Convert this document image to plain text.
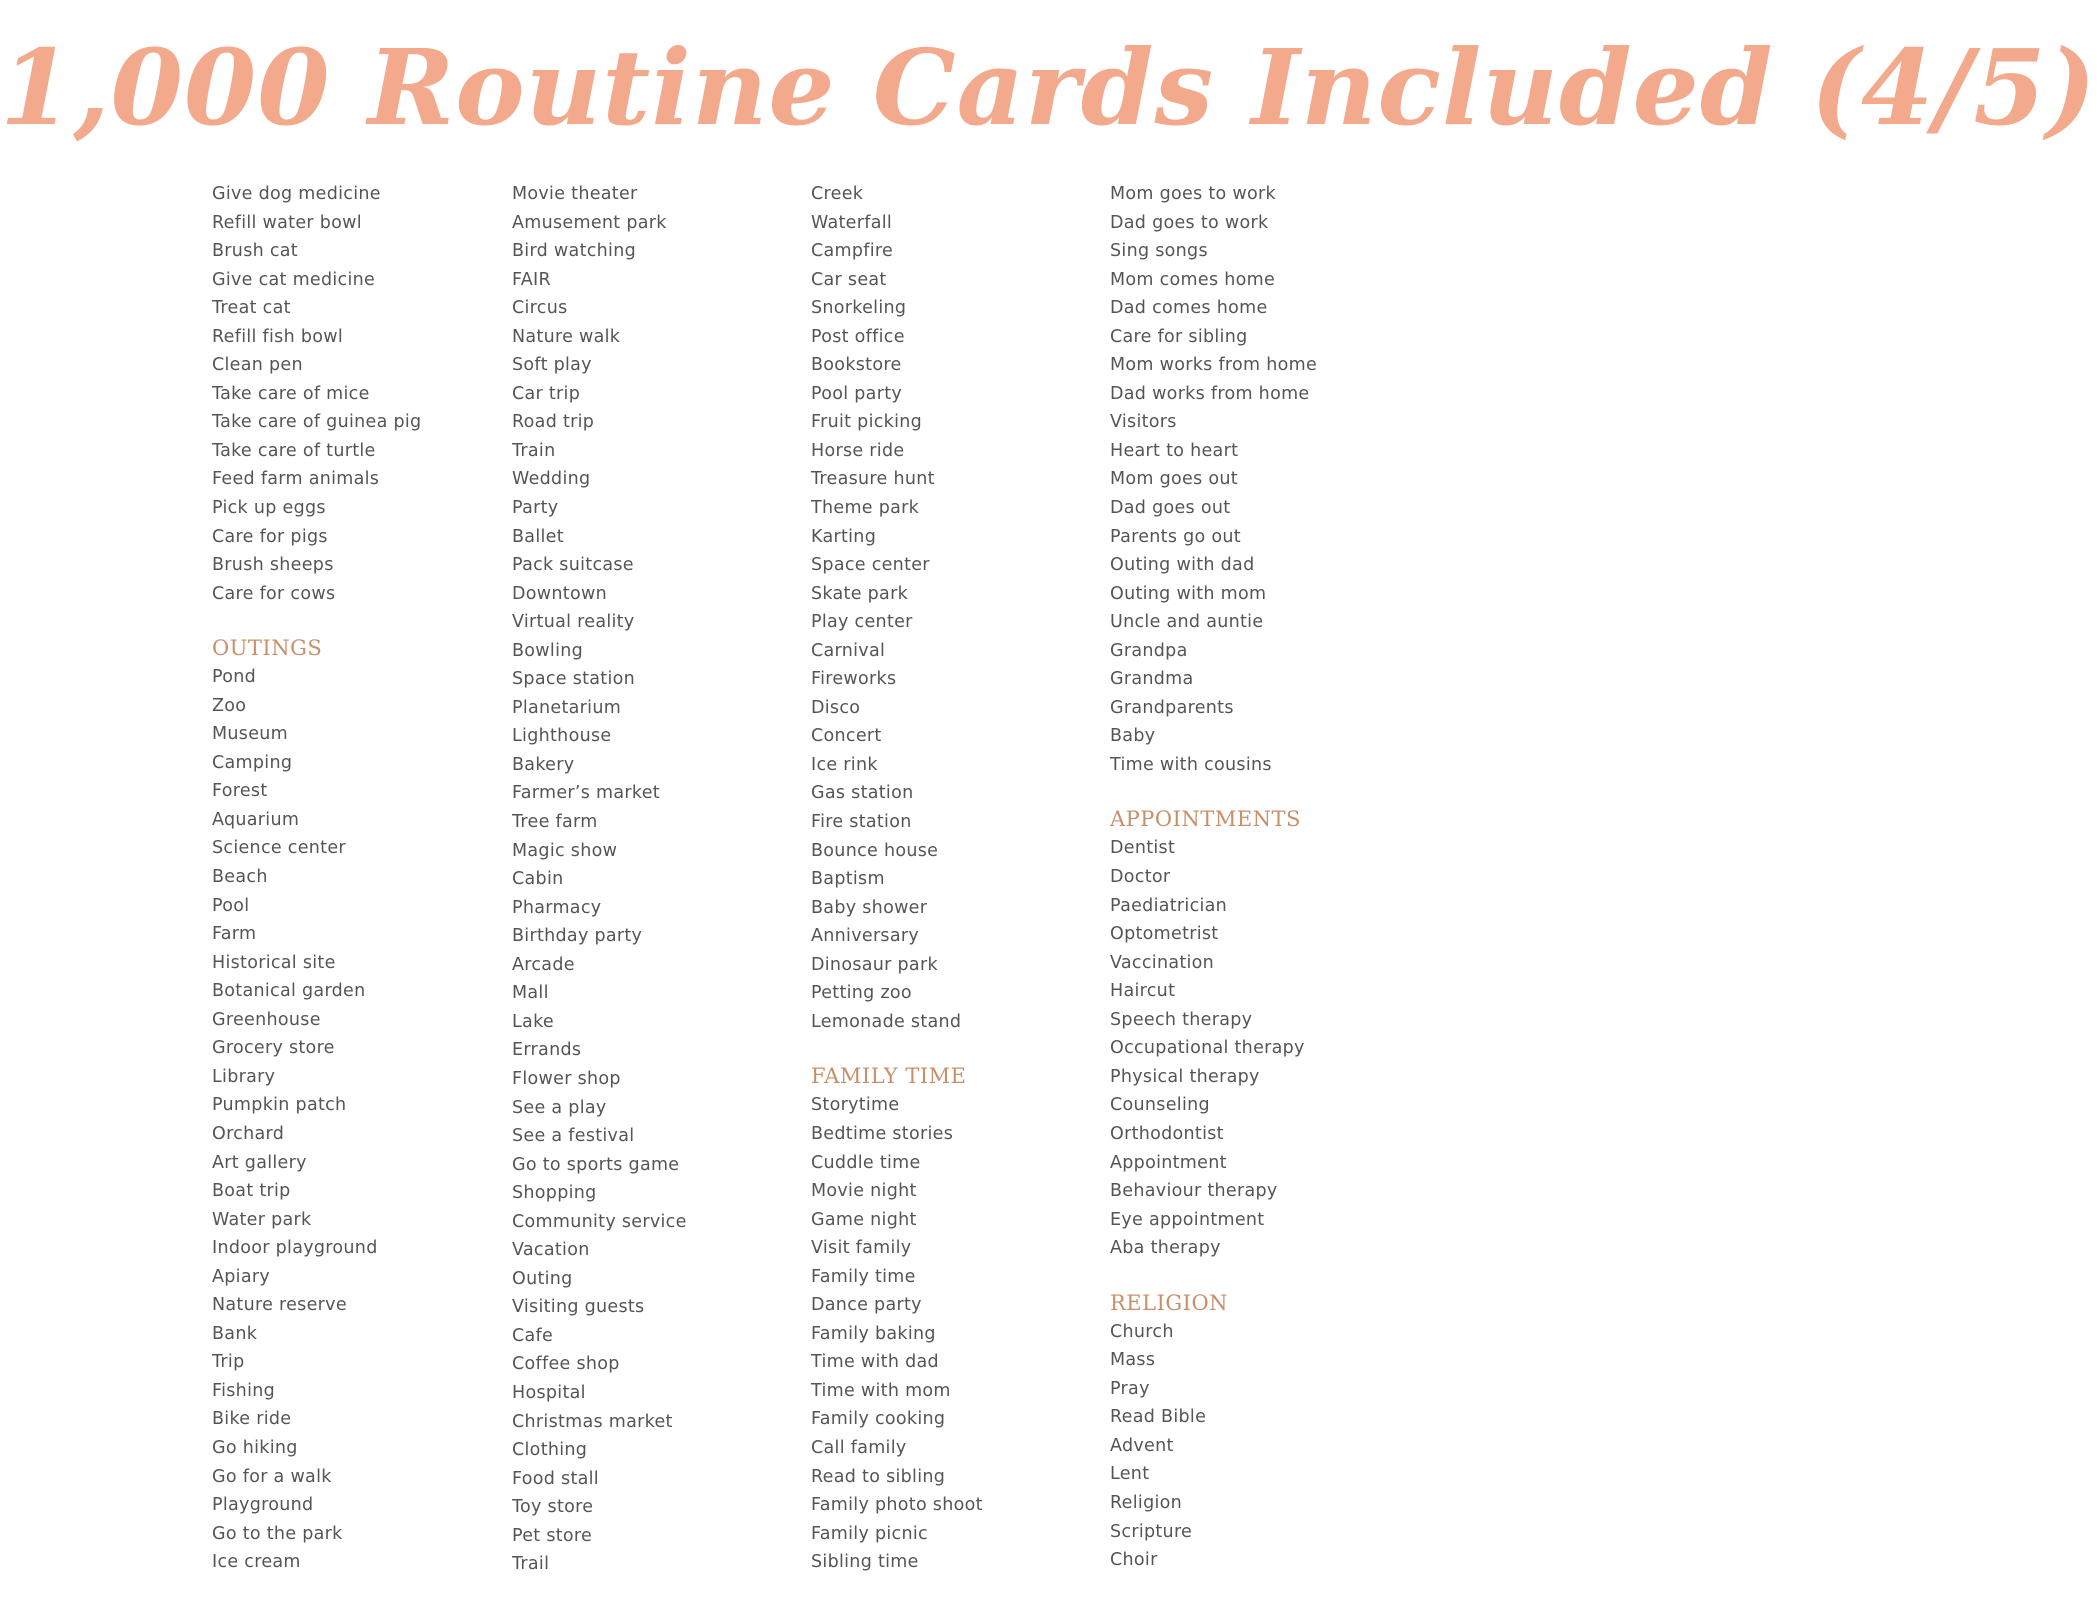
1,000 Routine Cards Included (4/5)
Give dog medicine
Refill water bowl
Brush cat
Give cat medicine
Treat cat
Refill fish bowl
Clean pen
Take care of mice
Take care of guinea pig
Take care of turtle
Feed farm animals
Pick up eggs
Care for pigs
Brush sheeps
Care for cows
OUTINGS
Pond
Zoo
Museum
Camping
Forest
Aquarium
Science center
Beach
Pool
Farm
Historical site
Botanical garden
Greenhouse
Grocery store
Library
Pumpkin patch
Orchard
Art gallery
Boat trip
Water park
Indoor playground
Apiary
Nature reserve
Bank
Trip
Fishing
Bike ride
Go hiking
Go for a walk
Playground
Go to the park
Ice cream
Movie theater
Amusement park
Bird watching
FAIR
Circus
Nature walk
Soft play
Car trip
Road trip
Train
Wedding
Party
Ballet
Pack suitcase
Downtown
Virtual reality
Bowling
Space station
Planetarium
Lighthouse
Bakery
Farmer’s market
Tree farm
Magic show
Cabin
Pharmacy
Birthday party
Arcade
Mall
Lake
Errands
Flower shop
See a play
See a festival
Go to sports game
Shopping
Community service
Vacation
Outing
Visiting guests
Cafe
Coffee shop
Hospital
Christmas market
Clothing
Food stall
Toy store
Pet store
Trail
Creek
Waterfall
Campfire
Car seat
Snorkeling
Post office
Bookstore
Pool party
Fruit picking
Horse ride
Treasure hunt
Theme park
Karting
Space center
Skate park
Play center
Carnival
Fireworks
Disco
Concert
Ice rink
Gas station
Fire station
Bounce house
Baptism
Baby shower
Anniversary
Dinosaur park
Petting zoo
Lemonade stand
FAMILY TIME
Storytime
Bedtime stories
Cuddle time
Movie night
Game night
Visit family
Family time
Dance party
Family baking
Time with dad
Time with mom
Family cooking
Call family
Read to sibling
Family photo shoot
Family picnic
Sibling time
Mom goes to work
Dad goes to work
Sing songs
Mom comes home
Dad comes home
Care for sibling
Mom works from home
Dad works from home
Visitors
Heart to heart
Mom goes out
Dad goes out
Parents go out
Outing with dad
Outing with mom
Uncle and auntie
Grandpa
Grandma
Grandparents
Baby
Time with cousins
APPOINTMENTS
Dentist
Doctor
Paediatrician
Optometrist
Vaccination
Haircut
Speech therapy
Occupational therapy
Physical therapy
Counseling
Orthodontist
Appointment
Behaviour therapy
Eye appointment
Aba therapy
RELIGION
Church
Mass
Pray
Read Bible
Advent
Lent
Religion
Scripture
Choir
